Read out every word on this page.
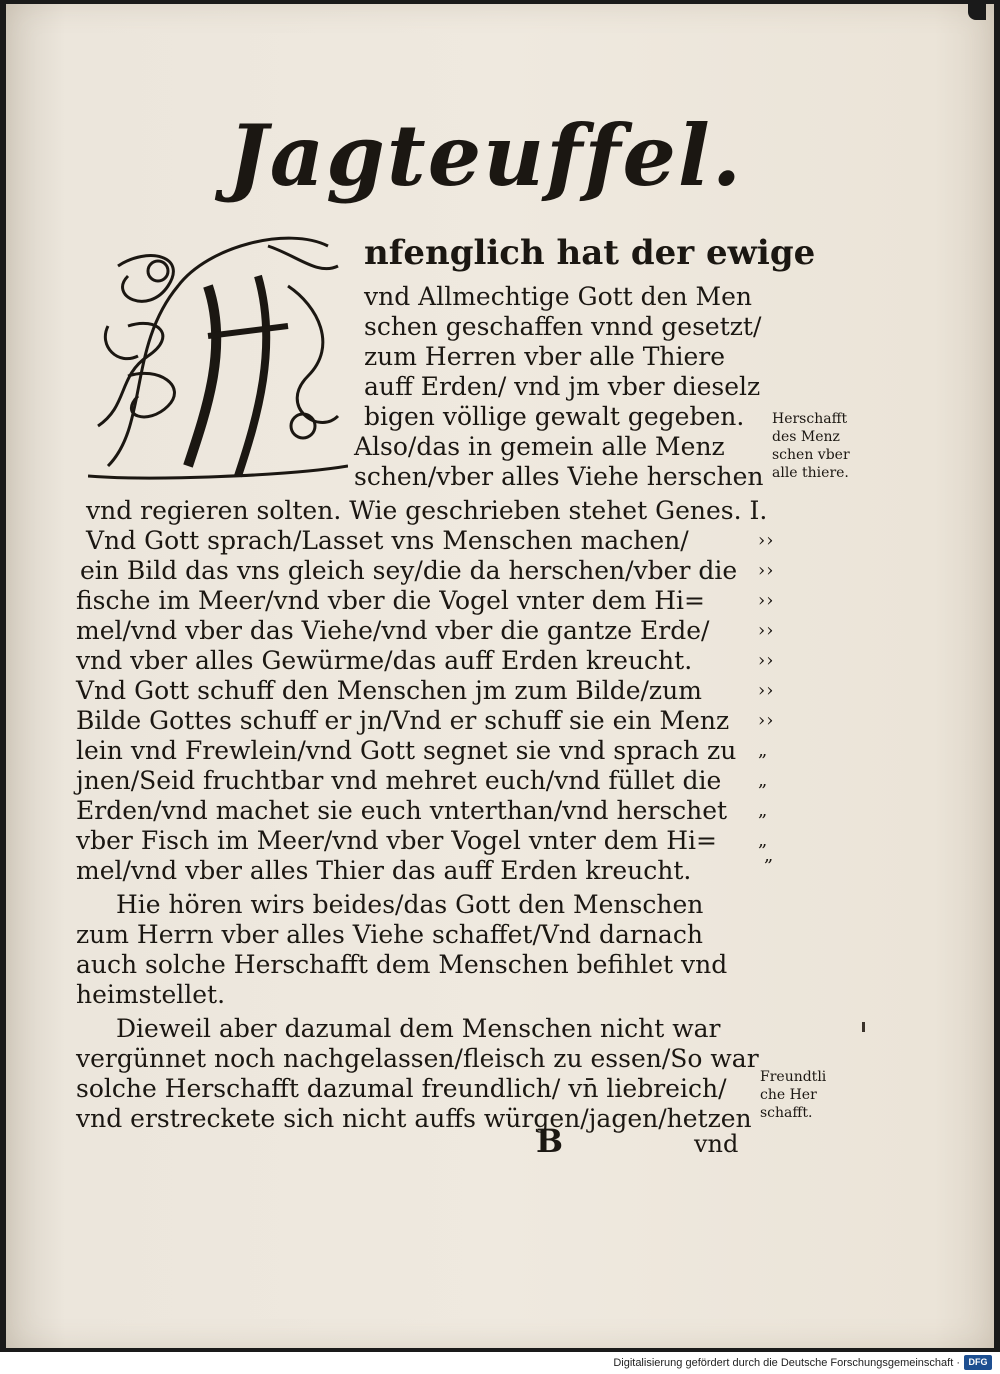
Jagteuffel.
nfenglich hat der ewige
vnd Allmechtige Gott den Men
schen geschaffen vnnd gesetzt/
zum Herren vber alle Thiere
auff Erden/ vnd jm vber dieselz
bigen völlige gewalt gegeben.
Also/das in gemein alle Menz
schen/vber alles Viehe herschen
vnd regieren solten. Wie geschrieben stehet Genes. I.
Vnd Gott sprach/Lasset vns Menschen machen/
ein Bild das vns gleich sey/die da herschen/vber die
fische im Meer/vnd vber die Vogel vnter dem Hi=
mel/vnd vber das Viehe/vnd vber die gantze Erde/
vnd vber alles Gewürme/das auff Erden kreucht.
Vnd Gott schuff den Menschen jm zum Bilde/zum
Bilde Gottes schuff er jn/Vnd er schuff sie ein Menz
lein vnd Frewlein/vnd Gott segnet sie vnd sprach zu
jnen/Seid fruchtbar vnd mehret euch/vnd füllet die
Erden/vnd machet sie euch vnterthan/vnd herschet
vber Fisch im Meer/vnd vber Vogel vnter dem Hi=
mel/vnd vber alles Thier das auff Erden kreucht.
Hie hören wirs beides/das Gott den Menschen
zum Herrn vber alles Viehe schaffet/Vnd darnach
auch solche Herschafft dem Menschen befihlet vnd
heimstellet.
Dieweil aber dazumal dem Menschen nicht war
vergünnet noch nachgelassen/fleisch zu essen/So war
solche Herschafft dazumal freundlich/ vn̄ liebreich/
vnd erstreckete sich nicht auffs würgen/jagen/hetzen
››
››
››
››
››
››
››
„
„
„
„
„
Herschafft
des Menz
schen vber
alle thiere.
Freundtli
che Her
schafft.
B	vnd
Digitalisierung gefördert durch die Deutsche Forschungsgemeinschaft · DFG
